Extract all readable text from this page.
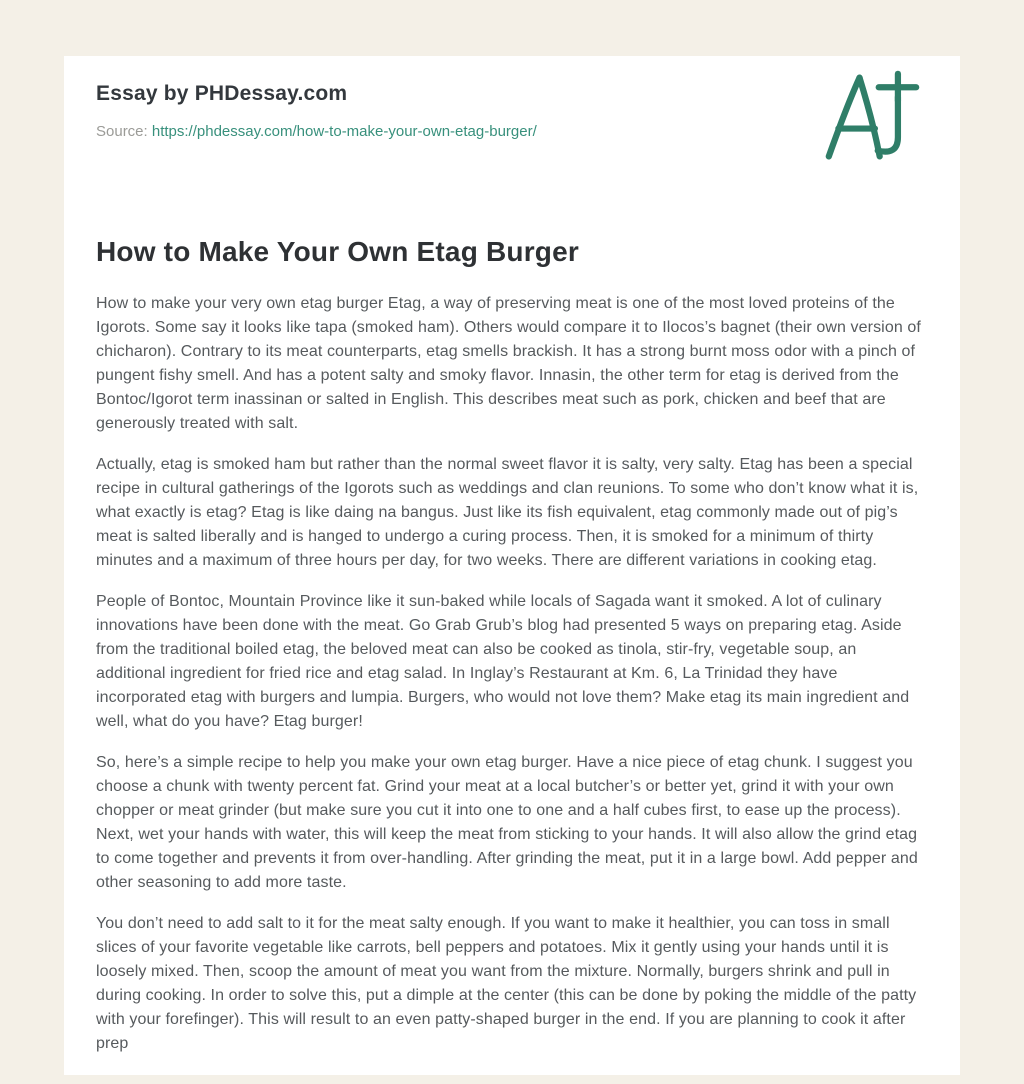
Essay by PHDessay.com
Source: https://phdessay.com/how-to-make-your-own-etag-burger/
How to Make Your Own Etag Burger

How to make your very own etag burger Etag, a way of preserving meat is one of the most loved proteins of the Igorots. Some say it looks like tapa (smoked ham). Others would compare it to Ilocos’s bagnet (their own version of chicharon). Contrary to its meat counterparts, etag smells brackish. It has a strong burnt moss odor with a pinch of pungent fishy smell. And has a potent salty and smoky flavor. Innasin, the other term for etag is derived from the Bontoc/Igorot term inassinan or salted in English. This describes meat such as pork, chicken and beef that are generously treated with salt.

Actually, etag is smoked ham but rather than the normal sweet flavor it is salty, very salty. Etag has been a special recipe in cultural gatherings of the Igorots such as weddings and clan reunions. To some who don’t know what it is, what exactly is etag? Etag is like daing na bangus. Just like its fish equivalent, etag commonly made out of pig’s meat is salted liberally and is hanged to undergo a curing process. Then, it is smoked for a minimum of thirty minutes and a maximum of three hours per day, for two weeks. There are different variations in cooking etag.

People of Bontoc, Mountain Province like it sun-baked while locals of Sagada want it smoked. A lot of culinary innovations have been done with the meat. Go Grab Grub’s blog had presented 5 ways on preparing etag. Aside from the traditional boiled etag, the beloved meat can also be cooked as tinola, stir-fry, vegetable soup, an additional ingredient for fried rice and etag salad. In Inglay’s Restaurant at Km. 6, La Trinidad they have incorporated etag with burgers and lumpia. Burgers, who would not love them? Make etag its main ingredient and well, what do you have? Etag burger!

So, here’s a simple recipe to help you make your own etag burger. Have a nice piece of etag chunk. I suggest you choose a chunk with twenty percent fat. Grind your meat at a local butcher’s or better yet, grind it with your own chopper or meat grinder (but make sure you cut it into one to one and a half cubes first, to ease up the process). Next, wet your hands with water, this will keep the meat from sticking to your hands. It will also allow the grind etag to come together and prevents it from over-handling. After grinding the meat, put it in a large bowl. Add pepper and other seasoning to add more taste.

You don’t need to add salt to it for the meat salty enough. If you want to make it healthier, you can toss in small slices of your favorite vegetable like carrots, bell peppers and potatoes. Mix it gently using your hands until it is loosely mixed. Then, scoop the amount of meat you want from the mixture. Normally, burgers shrink and pull in during cooking. In order to solve this, put a dimple at the center (this can be done by poking the middle of the patty with your forefinger). This will result to an even patty-shaped burger in the end. If you are planning to cook it after prep
